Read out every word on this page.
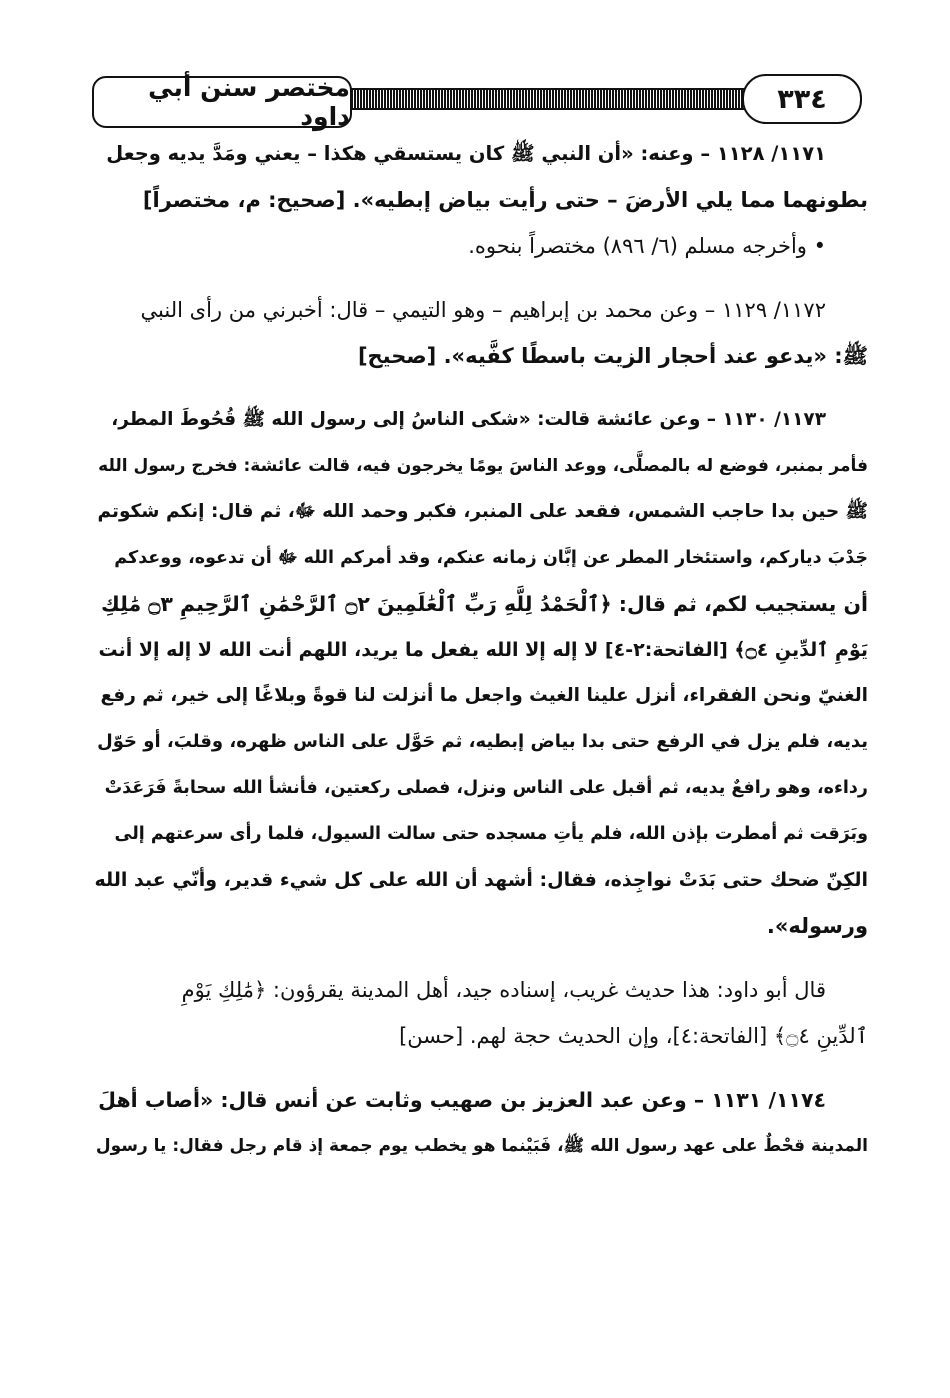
مختصر سنن أبي داود
٣٣٤
١١٧١/ ١١٢٨ – وعنه: «أن النبي ﷺ كان يستسقي هكذا – يعني ومَدَّ يديه وجعل
بطونهما مما يلي الأرضَ – حتى رأيت بياض إبطيه». [صحيح: م، مختصراً]
• وأخرجه مسلم (٦/ ٨٩٦) مختصراً بنحوه.
١١٧٢/ ١١٢٩ – وعن محمد بن إبراهيم – وهو التيمي – قال: أخبرني من رأى النبي
ﷺ: «يدعو عند أحجار الزيت باسطًا كفَّيه». [صحيح]
١١٧٣/ ١١٣٠ – وعن عائشة قالت: «شكى الناسُ إلى رسول الله ﷺ قُحُوطَ المطر،
فأمر بمنبر، فوضع له بالمصلَّى، ووعد الناسَ يومًا يخرجون فيه، قالت عائشة: فخرج رسول الله
ﷺ حين بدا حاجب الشمس، فقعد على المنبر، فكبر وحمد الله ﷻ، ثم قال: إنكم شكوتم
جَدْبَ دياركم، واستئخار المطر عن إبَّان زمانه عنكم، وقد أمركم الله ﷻ أن تدعوه، ووعدكم
أن يستجيب لكم، ثم قال: ﴿ٱلْحَمْدُ لِلَّهِ رَبِّ ٱلْعَٰلَمِينَ ۝٢ ٱلرَّحْمَٰنِ ٱلرَّحِيمِ ۝٣ مَٰلِكِ
يَوْمِ ٱلدِّينِ ۝٤﴾ [الفاتحة:٢-٤] لا إله إلا الله يفعل ما يريد، اللهم أنت الله لا إله إلا أنت
الغنيّ ونحن الفقراء، أنزل علينا الغيث واجعل ما أنزلت لنا قوةً وبلاغًا إلى خير، ثم رفع
يديه، فلم يزل في الرفع حتى بدا بياض إبطيه، ثم حَوَّل على الناس ظهره، وقلبَ، أو حَوّل
رداءه، وهو رافعٌ يديه، ثم أقبل على الناس ونزل، فصلى ركعتين، فأنشأ الله سحابةً فَرَعَدَتْ
وبَرَقت ثم أمطرت بإذن الله، فلم يأتِ مسجده حتى سالت السيول، فلما رأى سرعتهم إلى
الكِنّ ضحك حتى بَدَتْ نواجِذه، فقال: أشهد أن الله على كل شيء قدير، وأنّي عبد الله
ورسوله».
قال أبو داود: هذا حديث غريب، إسناده جيد، أهل المدينة يقرؤون: ﴿مَٰلِكِ يَوْمِ
ٱلدِّينِ ۝٤﴾ [الفاتحة:٤]، وإن الحديث حجة لهم. [حسن]
١١٧٤/ ١١٣١ – وعن عبد العزيز بن صهيب وثابت عن أنس قال: «أصاب أهلَ
المدينة قحْطٌ على عهد رسول الله ﷺ، فَبَيْنما هو يخطب يوم جمعة إذ قام رجل فقال: يا رسول
